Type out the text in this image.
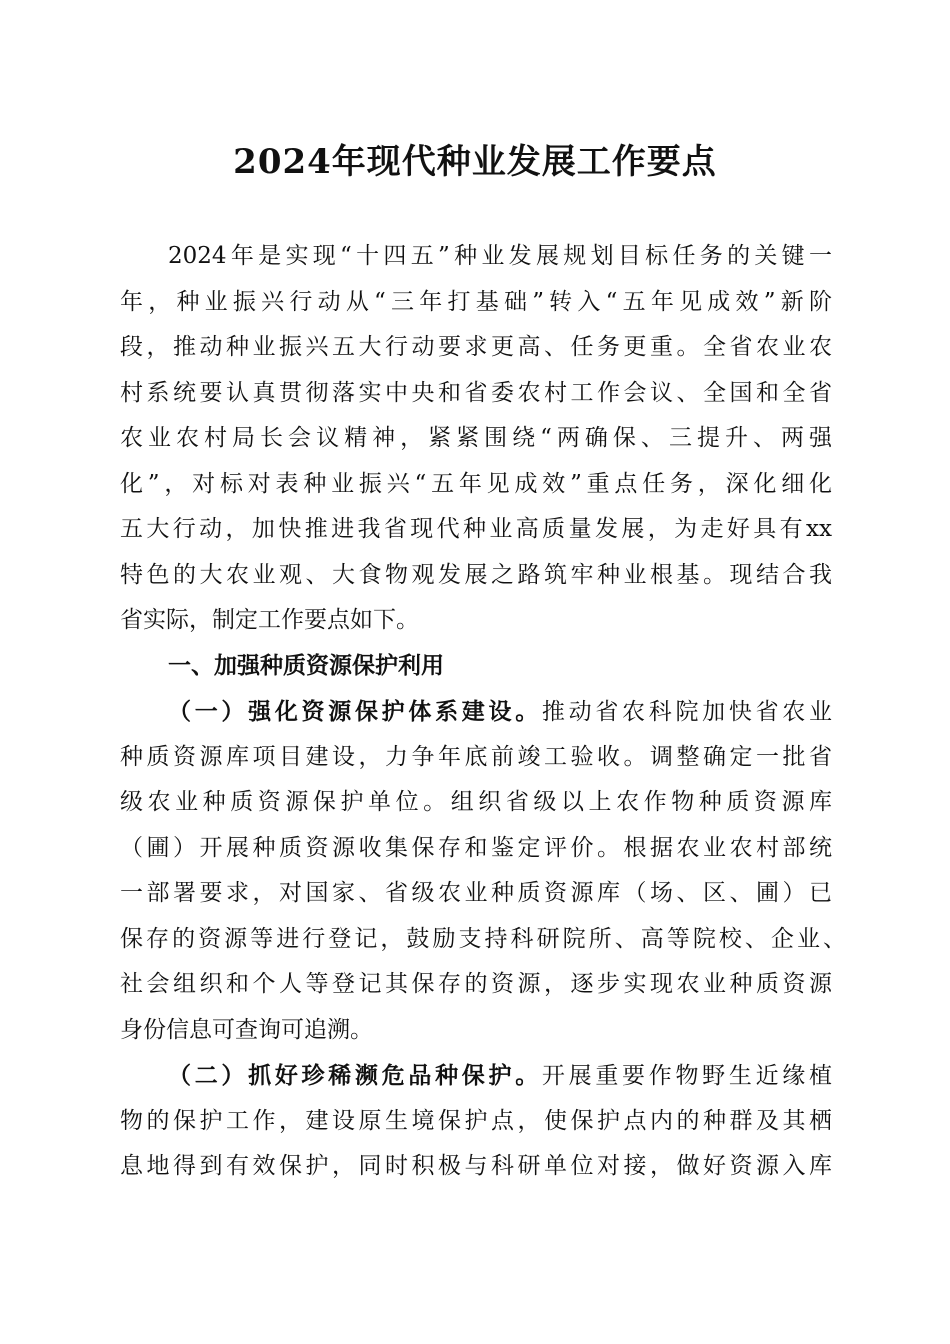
2024年现代种业发展工作要点
2024年是实现“十四五”种业发展规划目标任务的关键一
年，种业振兴行动从“三年打基础”转入“五年见成效”新阶
段，推动种业振兴五大行动要求更高、任务更重。全省农业农
村系统要认真贯彻落实中央和省委农村工作会议、全国和全省
农业农村局长会议精神，紧紧围绕“两确保、三提升、两强
化”，对标对表种业振兴“五年见成效”重点任务，深化细化
五大行动，加快推进我省现代种业高质量发展，为走好具有xx
特色的大农业观、大食物观发展之路筑牢种业根基。现结合我
省实际，制定工作要点如下。
一、加强种质资源保护利用
（一）强化资源保护体系建设。推动省农科院加快省农业
种质资源库项目建设，力争年底前竣工验收。调整确定一批省
级农业种质资源保护单位。组织省级以上农作物种质资源库
（圃）开展种质资源收集保存和鉴定评价。根据农业农村部统
一部署要求，对国家、省级农业种质资源库（场、区、圃）已
保存的资源等进行登记，鼓励支持科研院所、高等院校、企业、
社会组织和个人等登记其保存的资源，逐步实现农业种质资源
身份信息可查询可追溯。
（二）抓好珍稀濒危品种保护。开展重要作物野生近缘植
物的保护工作，建设原生境保护点，使保护点内的种群及其栖
息地得到有效保护，同时积极与科研单位对接，做好资源入库
